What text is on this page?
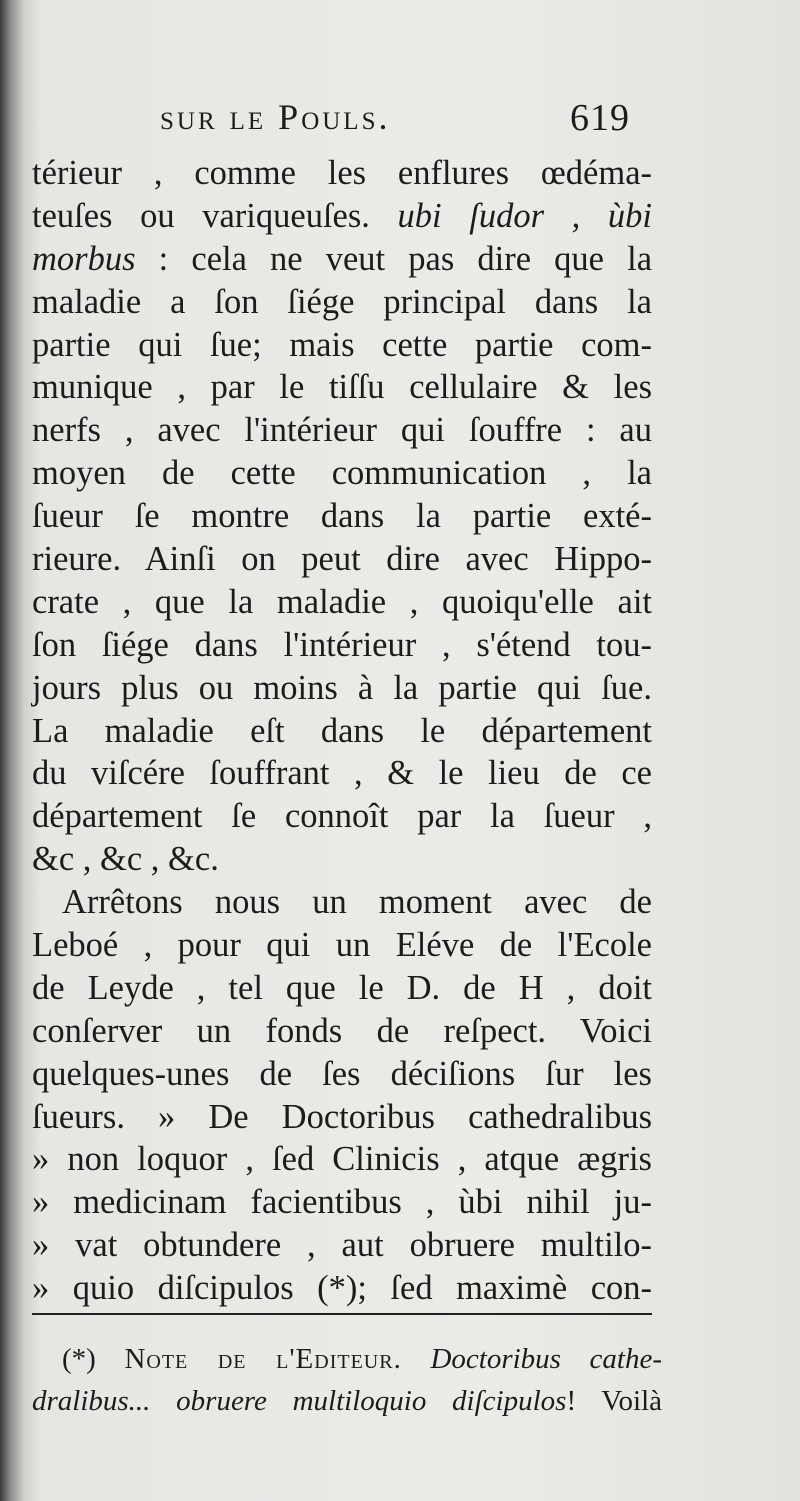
sur le Pouls.	619
térieur , comme les enflures œdéma-
teuſes ou variqueuſes. ubi ſudor , ùbi
morbus : cela ne veut pas dire que la
maladie a ſon ſiége principal dans la
partie qui ſue; mais cette partie com-
munique , par le tiſſu cellulaire & les
nerfs , avec l'intérieur qui ſouffre : au
moyen de cette communication , la
ſueur ſe montre dans la partie exté-
rieure. Ainſi on peut dire avec Hippo-
crate , que la maladie , quoiqu'elle ait
ſon ſiége dans l'intérieur , s'étend tou-
jours plus ou moins à la partie qui ſue.
La maladie eſt dans le département
du viſcére ſouffrant , & le lieu de ce
département ſe connoît par la ſueur ,
&c , &c , &c.
Arrêtons nous un moment avec de
Leboé , pour qui un Eléve de l'Ecole
de Leyde , tel que le D. de H , doit
conſerver un fonds de reſpect. Voici
quelques-unes de ſes déciſions ſur les
ſueurs. » De Doctoribus cathedralibus
» non loquor , ſed Clinicis , atque ægris
» medicinam facientibus , ùbi nihil ju-
» vat obtundere , aut obruere multilo-
» quio diſcipulos (*); ſed maximè con-
(*) Note de l'Editeur. Doctoribus cathe-
dralibus... obruere multiloquio diſcipulos! Voilà
